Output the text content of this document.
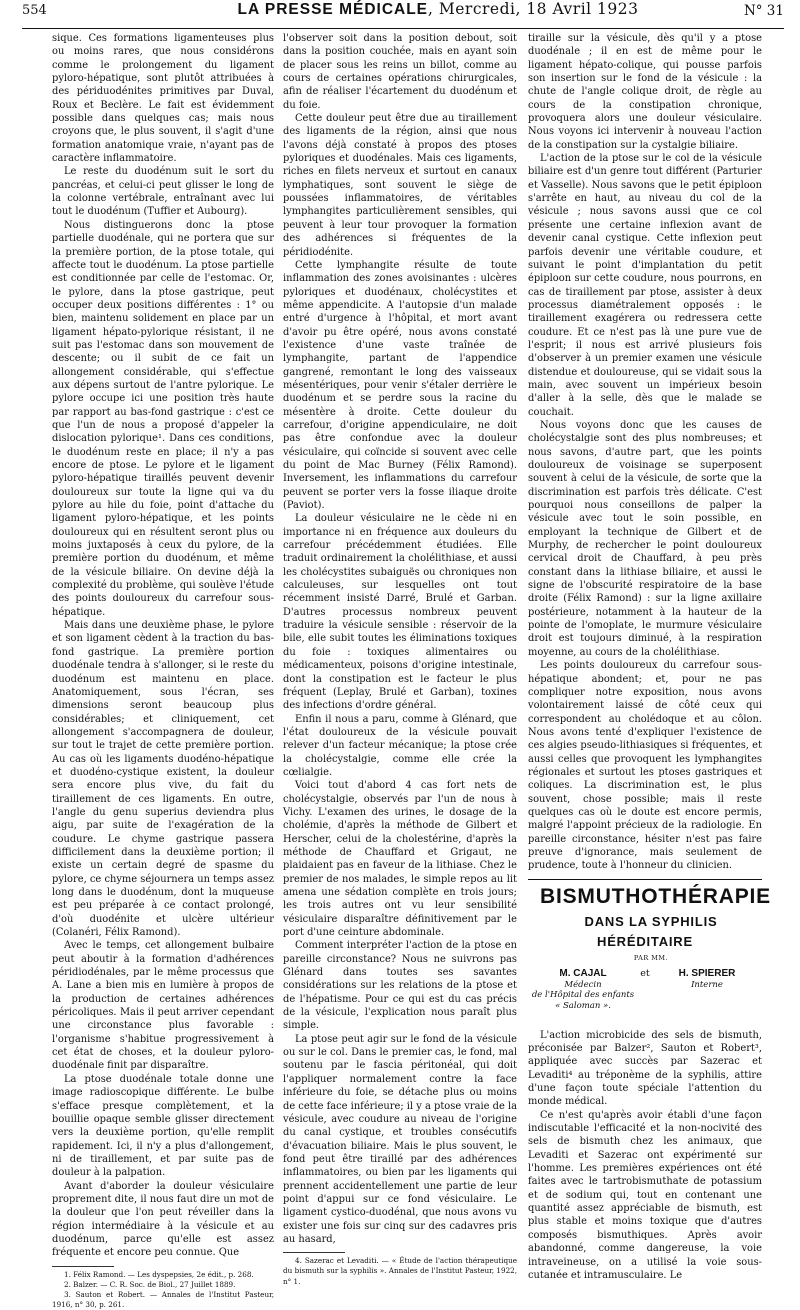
554	LA PRESSE MÉDICALE, Mercredi, 18 Avril 1923	N° 31

sique. Ces formations ligamenteuses plus ou moins rares, que nous considérons comme le prolongement du ligament pyloro-hépatique, sont plutôt attribuées à des périduodénites primitives par Duval, Roux et Beclère. Le fait est évidemment possible dans quelques cas; mais nous croyons que, le plus souvent, il s'agit d'une formation anatomique vraie, n'ayant pas de caractère inflammatoire.

Le reste du duodénum suit le sort du pancréas, et celui-ci peut glisser le long de la colonne vertébrale, entraînant avec lui tout le duodénum (Tuffier et Aubourg).

Nous distinguerons donc la ptose partielle duodénale, qui ne portera que sur la première portion, de la ptose totale, qui affecte tout le duodénum. La ptose partielle est conditionnée par celle de l'estomac. Or, le pylore, dans la ptose gastrique, peut occuper deux positions différentes : 1° ou bien, maintenu solidement en place par un ligament hépato-pylorique résistant, il ne suit pas l'estomac dans son mouvement de descente; ou il subit de ce fait un allongement considérable, qui s'effectue aux dépens surtout de l'antre pylorique. Le pylore occupe ici une position très haute par rapport au bas-fond gastrique : c'est ce que l'un de nous a proposé d'appeler la dislocation pylorique¹. Dans ces conditions, le duodénum reste en place; il n'y a pas encore de ptose. Le pylore et le ligament pyloro-hépatique tiraillés peuvent devenir douloureux sur toute la ligne qui va du pylore au hile du foie, point d'attache du ligament pyloro-hépatique, et les points douloureux qui en résultent seront plus ou moins juxtaposés à ceux du pylore, de la première portion du duodénum, et même de la vésicule biliaire. On devine déjà la complexité du problème, qui soulève l'étude des points douloureux du carrefour sous-hépatique.

Mais dans une deuxième phase, le pylore et son ligament cèdent à la traction du bas-fond gastrique. La première portion duodénale tendra à s'allonger, si le reste du duodénum est maintenu en place. Anatomiquement, sous l'écran, ses dimensions seront beaucoup plus considérables; et cliniquement, cet allongement s'accompagnera de douleur, sur tout le trajet de cette première portion. Au cas où les ligaments duodéno-hépatique et duodéno-cystique existent, la douleur sera encore plus vive, du fait du tiraillement de ces ligaments. En outre, l'angle du genu superius deviendra plus aigu, par suite de l'exagération de la coudure. Le chyme gastrique passera difficilement dans la deuxième portion; il existe un certain degré de spasme du pylore, ce chyme séjournera un temps assez long dans le duodénum, dont la muqueuse est peu préparée à ce contact prolongé, d'où duodénite et ulcère ultérieur (Colanéri, Félix Ramond).

Avec le temps, cet allongement bulbaire peut aboutir à la formation d'adhérences péridiodénales, par le même processus que A. Lane a bien mis en lumière à propos de la production de certaines adhérences péricoliques. Mais il peut arriver cependant une circonstance plus favorable : l'organisme s'habitue progressivement à cet état de choses, et la douleur pyloro-duodénale finit par disparaître.

La ptose duodénale totale donne une image radioscopique différente. Le bulbe s'efface presque complètement, et la bouillie opaque semble glisser directement vers la deuxième portion, qu'elle remplit rapidement. Ici, il n'y a plus d'allongement, ni de tiraillement, et par suite pas de douleur à la palpation.

Avant d'aborder la douleur vésiculaire proprement dite, il nous faut dire un mot de la douleur que l'on peut réveiller dans la région intermédiaire à la vésicule et au duodénum, parce qu'elle est assez fréquente et encore peu connue. Que

1. Félix Ramond. — Les dyspepsies, 2e édit., p. 268.

2. Balzer. — C. R. Soc. de Biol., 27 Juillet 1889.

3. Sauton et Robert. — Annales de l'Institut Pasteur, 1916, n° 30, p. 261.

l'observer soit dans la position debout, soit dans la position couchée, mais en ayant soin de placer sous les reins un billot, comme au cours de certaines opérations chirurgicales, afin de réaliser l'écartement du duodénum et du foie.

Cette douleur peut être due au tiraillement des ligaments de la région, ainsi que nous l'avons déjà constaté à propos des ptoses pyloriques et duodénales. Mais ces ligaments, riches en filets nerveux et surtout en canaux lymphatiques, sont souvent le siège de poussées inflammatoires, de véritables lymphangites particulièrement sensibles, qui peuvent à leur tour provoquer la formation des adhérences si fréquentes de la péridiodénite.

Cette lymphangite résulte de toute inflammation des zones avoisinantes : ulcères pyloriques et duodénaux, cholécystites et même appendicite. A l'autopsie d'un malade entré d'urgence à l'hôpital, et mort avant d'avoir pu être opéré, nous avons constaté l'existence d'une vaste traînée de lymphangite, partant de l'appendice gangrené, remontant le long des vaisseaux mésentériques, pour venir s'étaler derrière le duodénum et se perdre sous la racine du mésentère à droite. Cette douleur du carrefour, d'origine appendiculaire, ne doit pas être confondue avec la douleur vésiculaire, qui coïncide si souvent avec celle du point de Mac Burney (Félix Ramond). Inversement, les inflammations du carrefour peuvent se porter vers la fosse iliaque droite (Paviot).

La douleur vésiculaire ne le cède ni en importance ni en fréquence aux douleurs du carrefour précédemment étudiées. Elle traduit ordinairement la cholélithiase, et aussi les cholécystites subaiguës ou chroniques non calculeuses, sur lesquelles ont tout récemment insisté Darré, Brulé et Garban. D'autres processus nombreux peuvent traduire la vésicule sensible : réservoir de la bile, elle subit toutes les éliminations toxiques du foie : toxiques alimentaires ou médicamenteux, poisons d'origine intestinale, dont la constipation est le facteur le plus fréquent (Leplay, Brulé et Garban), toxines des infections d'ordre général.

Enfin il nous a paru, comme à Glénard, que l'état douloureux de la vésicule pouvait relever d'un facteur mécanique; la ptose crée la cholécystalgie, comme elle crée la cœlialgie.

Voici tout d'abord 4 cas fort nets de cholécystalgie, observés par l'un de nous à Vichy. L'examen des urines, le dosage de la cholémie, d'après la méthode de Gilbert et Herscher, celui de la cholestérine, d'après la méthode de Chauffard et Grigaut, ne plaidaient pas en faveur de la lithiase. Chez le premier de nos malades, le simple repos au lit amena une sédation complète en trois jours; les trois autres ont vu leur sensibilité vésiculaire disparaître définitivement par le port d'une ceinture abdominale.

Comment interpréter l'action de la ptose en pareille circonstance? Nous ne suivrons pas Glénard dans toutes ses savantes considérations sur les relations de la ptose et de l'hépatisme. Pour ce qui est du cas précis de la vésicule, l'explication nous paraît plus simple.

La ptose peut agir sur le fond de la vésicule ou sur le col. Dans le premier cas, le fond, mal soutenu par le fascia péritonéal, qui doit l'appliquer normalement contre la face inférieure du foie, se détache plus ou moins de cette face inférieure; il y a ptose vraie de la vésicule, avec coudure au niveau de l'origine du canal cystique, et troubles consécutifs d'évacuation biliaire. Mais le plus souvent, le fond peut être tiraillé par des adhérences inflammatoires, ou bien par les ligaments qui prennent accidentellement une partie de leur point d'appui sur ce fond vésiculaire. Le ligament cystico-duodénal, que nous avons vu exister une fois sur cinq sur des cadavres pris au hasard,

4. Sazerac et Levaditi. — « Étude de l'action thérapeutique du bismuth sur la syphilis ». Annales de l'Institut Pasteur, 1922, n° 1.

tiraille sur la vésicule, dès qu'il y a ptose duodénale ; il en est de même pour le ligament hépato-colique, qui pousse parfois son insertion sur le fond de la vésicule : la chute de l'angle colique droit, de règle au cours de la constipation chronique, provoquera alors une douleur vésiculaire. Nous voyons ici intervenir à nouveau l'action de la constipation sur la cystalgie biliaire.

L'action de la ptose sur le col de la vésicule biliaire est d'un genre tout différent (Parturier et Vasselle). Nous savons que le petit épiploon s'arrête en haut, au niveau du col de la vésicule ; nous savons aussi que ce col présente une certaine inflexion avant de devenir canal cystique. Cette inflexion peut parfois devenir une véritable coudure, et suivant le point d'implantation du petit épiploon sur cette coudure, nous pourrons, en cas de tiraillement par ptose, assister à deux processus diamétralement opposés : le tiraillement exagérera ou redressera cette coudure. Et ce n'est pas là une pure vue de l'esprit; il nous est arrivé plusieurs fois d'observer à un premier examen une vésicule distendue et douloureuse, qui se vidait sous la main, avec souvent un impérieux besoin d'aller à la selle, dès que le malade se couchait.

Nous voyons donc que les causes de cholécystalgie sont des plus nombreuses; et nous savons, d'autre part, que les points douloureux de voisinage se superposent souvent à celui de la vésicule, de sorte que la discrimination est parfois très délicate. C'est pourquoi nous conseillons de palper la vésicule avec tout le soin possible, en employant la technique de Gilbert et de Murphy, de rechercher le point douloureux cervical droit de Chauffard, à peu près constant dans la lithiase biliaire, et aussi le signe de l'obscurité respiratoire de la base droite (Félix Ramond) : sur la ligne axillaire postérieure, notamment à la hauteur de la pointe de l'omoplate, le murmure vésiculaire droit est toujours diminué, à la respiration moyenne, au cours de la cholélithiase.

Les points douloureux du carrefour sous-hépatique abondent; et, pour ne pas compliquer notre exposition, nous avons volontairement laissé de côté ceux qui correspondent au cholédoque et au côlon. Nous avons tenté d'expliquer l'existence de ces algies pseudo-lithiasiques si fréquentes, et aussi celles que provoquent les lymphangites régionales et surtout les ptoses gastriques et coliques. La discrimination est, le plus souvent, chose possible; mais il reste quelques cas où le doute est encore permis, malgré l'appoint précieux de la radiologie. En pareille circonstance, hésiter n'est pas faire preuve d'ignorance, mais seulement de prudence, toute à l'honneur du clinicien.

BISMUTHOTHÉRAPIE

DANS LA SYPHILIS HÉRÉDITAIRE

PAR MM.

M. CAJAL
Médecin
de l'Hôpital des enfants « Saloman ».
et	H. SPIERER
Interne

L'action microbicide des sels de bismuth, préconisée par Balzer², Sauton et Robert³, appliquée avec succès par Sazerac et Levaditi⁴ au tréponème de la syphilis, attire d'une façon toute spéciale l'attention du monde médical.

Ce n'est qu'après avoir établi d'une façon indiscutable l'efficacité et la non-nocivité des sels de bismuth chez les animaux, que Levaditi et Sazerac ont expérimenté sur l'homme. Les premières expériences ont été faites avec le tartrobismuthate de potassium et de sodium qui, tout en contenant une quantité assez appréciable de bismuth, est plus stable et moins toxique que d'autres composés bismuthiques. Après avoir abandonné, comme dangereuse, la voie intraveineuse, on a utilisé la voie sous-cutanée et intramusculaire. Le
